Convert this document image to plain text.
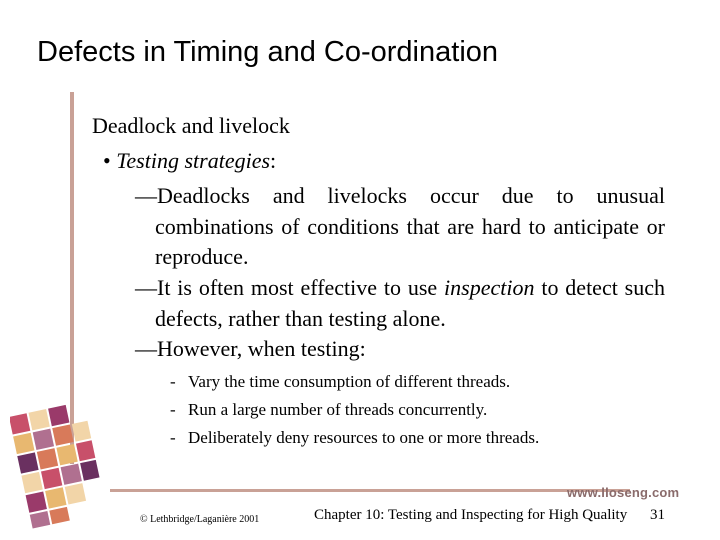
Defects in Timing and Co-ordination
www.lloseng.com
Deadlock and livelock
• Testing strategies:
—Deadlocks and livelocks occur due to unusual combinations of conditions that are hard to anticipate or reproduce.
—It is often most effective to use inspection to detect such defects, rather than testing alone.
—However, when testing:
- Vary the time consumption of different threads.
- Run a large number of threads concurrently.
- Deliberately deny resources to one or more threads.
© Lethbridge/Laganière 2001	Chapter 10: Testing and Inspecting for High Quality 31
